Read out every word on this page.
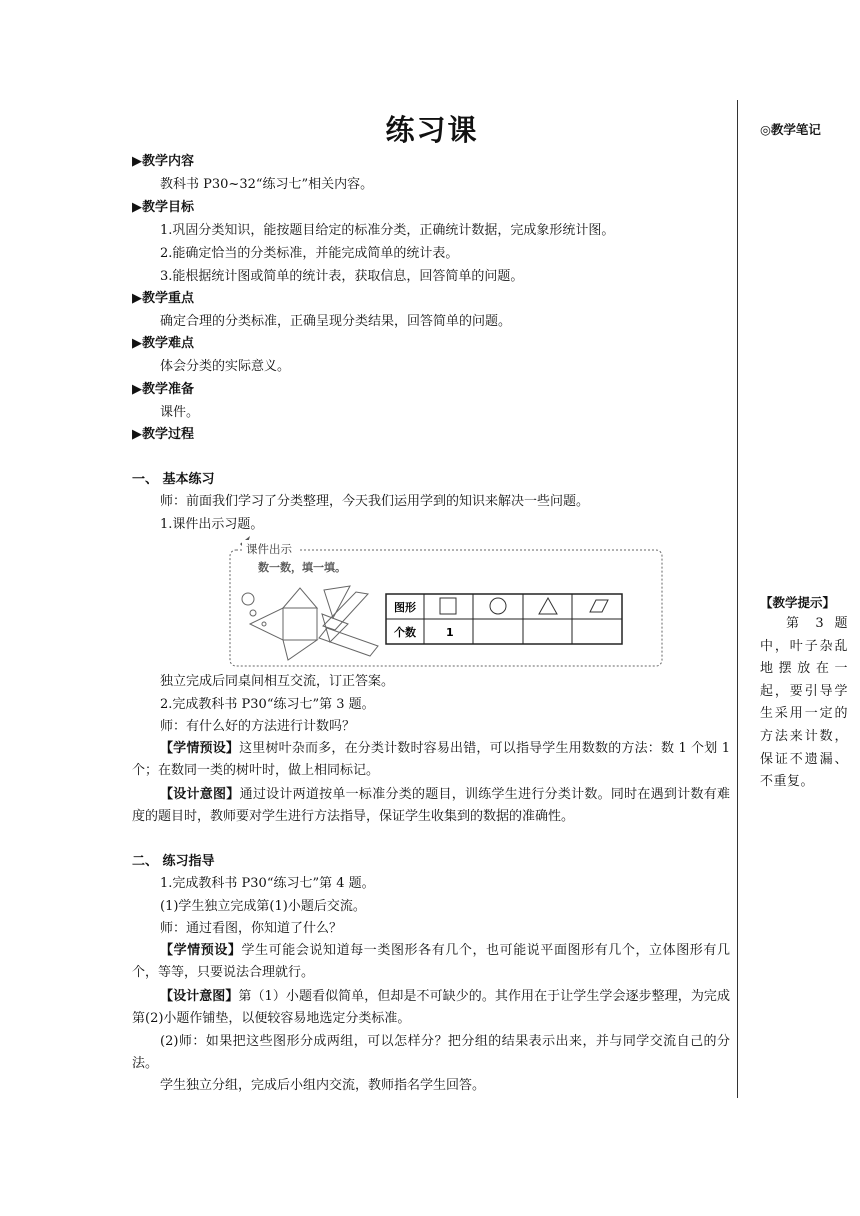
练习课	◎教学笔记
【教学提示】
第 3 题中，叶子杂乱地摆放在一起，要引导学生采用一定的方法来计数，保证不遗漏、不重复。
▶教学内容
教科书 P30~32“练习七”相关内容。
▶教学目标
1.巩固分类知识，能按题目给定的标准分类，正确统计数据，完成象形统计图。
2.能确定恰当的分类标准，并能完成简单的统计表。
3.能根据统计图或简单的统计表，获取信息，回答简单的问题。
▶教学重点
确定合理的分类标准，正确呈现分类结果，回答简单的问题。
▶教学难点
体会分类的实际意义。
▶教学准备
课件。
▶教学过程
一、 基本练习
师：前面我们学习了分类整理，今天我们运用学到的知识来解决一些问题。
1.课件出示习题。
课件出示
数一数，填一填。
图形
个数	1
独立完成后同桌间相互交流，订正答案。
2.完成教科书 P30“练习七”第 3 题。
师：有什么好的方法进行计数吗？
【学情预设】这里树叶杂而多，在分类计数时容易出错，可以指导学生用数数的方法：数 1 个划 1 个；在数同一类的树叶时，做上相同标记。
【设计意图】通过设计两道按单一标准分类的题目，训练学生进行分类计数。同时在遇到计数有难度的题目时，教师要对学生进行方法指导，保证学生收集到的数据的准确性。
二、 练习指导
1.完成教科书 P30“练习七”第 4 题。
(1)学生独立完成第(1)小题后交流。
师：通过看图，你知道了什么？
【学情预设】学生可能会说知道每一类图形各有几个，也可能说平面图形有几个，立体图形有几个，等等，只要说法合理就行。
【设计意图】第（1）小题看似简单，但却是不可缺少的。其作用在于让学生学会逐步整理，为完成第(2)小题作铺垫，以便较容易地选定分类标准。
(2)师：如果把这些图形分成两组，可以怎样分？把分组的结果表示出来，并与同学交流自己的分法。
学生独立分组，完成后小组内交流，教师指名学生回答。
